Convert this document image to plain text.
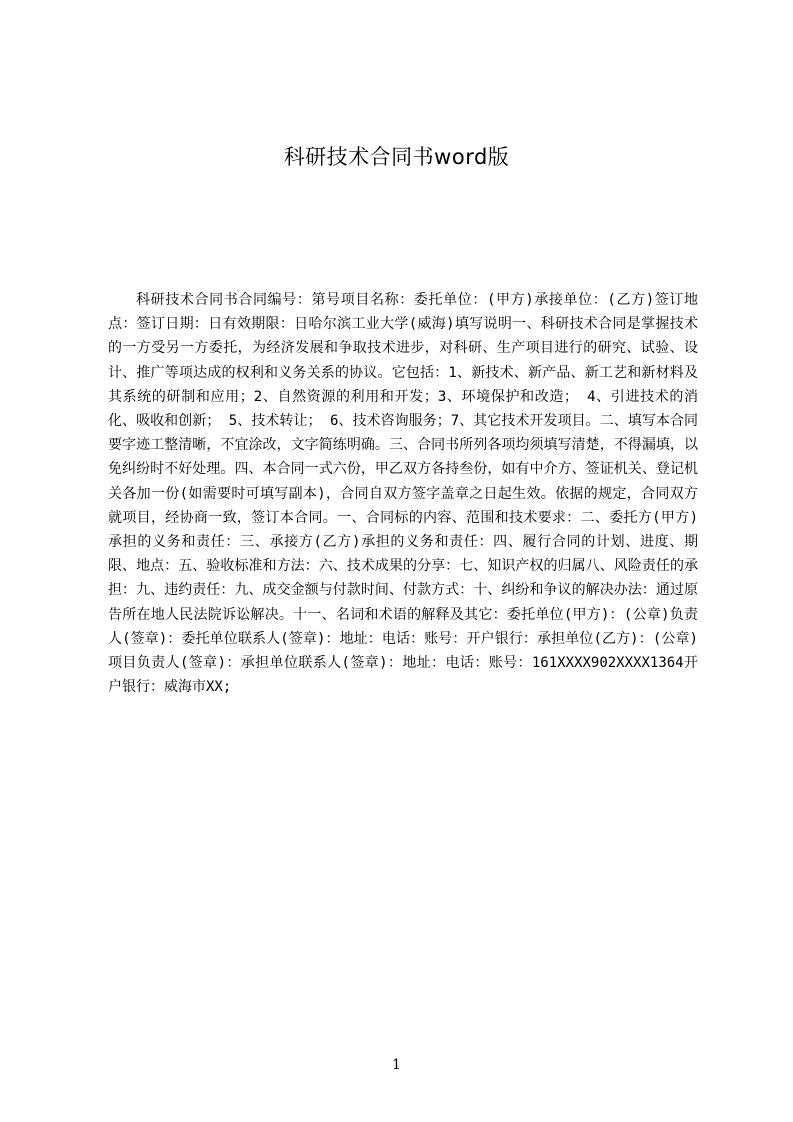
科研技术合同书word版

科研技术合同书合同编号：第号项目名称：委托单位：(甲方)承接单位：(乙方)签订地点：签订日期：日有效期限：日哈尔滨工业大学(威海)填写说明一、科研技术合同是掌握技术的一方受另一方委托，为经济发展和争取技术进步，对科研、生产项目进行的研究、试验、设计、推广等项达成的权利和义务关系的协议。它包括：1、新技术、新产品、新工艺和新材料及其系统的研制和应用；2、自然资源的利用和开发；3、环境保护和改造； 4、引进技术的消化、吸收和创新； 5、技术转让； 6、技术咨询服务；7、其它技术开发项目。二、填写本合同要字迹工整清晰，不宜涂改，文字简练明确。三、合同书所列各项均须填写清楚，不得漏填，以免纠纷时不好处理。四、本合同一式六份，甲乙双方各持叁份，如有中介方、签证机关、登记机关各加一份(如需要时可填写副本)，合同自双方签字盖章之日起生效。依据的规定，合同双方就项目，经协商一致，签订本合同。一、合同标的内容、范围和技术要求：二、委托方(甲方)承担的义务和责任：三、承接方(乙方)承担的义务和责任：四、履行合同的计划、进度、期限、地点：五、验收标准和方法：六、技术成果的分享：七、知识产权的归属八、风险责任的承担：九、违约责任：九、成交金额与付款时间、付款方式：十、纠纷和争议的解决办法：通过原告所在地人民法院诉讼解决。十一、名词和术语的解释及其它：委托单位(甲方)：(公章)负责人(签章)：委托单位联系人(签章)：地址：电话：账号：开户银行：承担单位(乙方)：(公章)项目负责人(签章)：承担单位联系人(签章)：地址：电话：账号：161XXXX902XXXX1364开户银行：威海市XX;

1
